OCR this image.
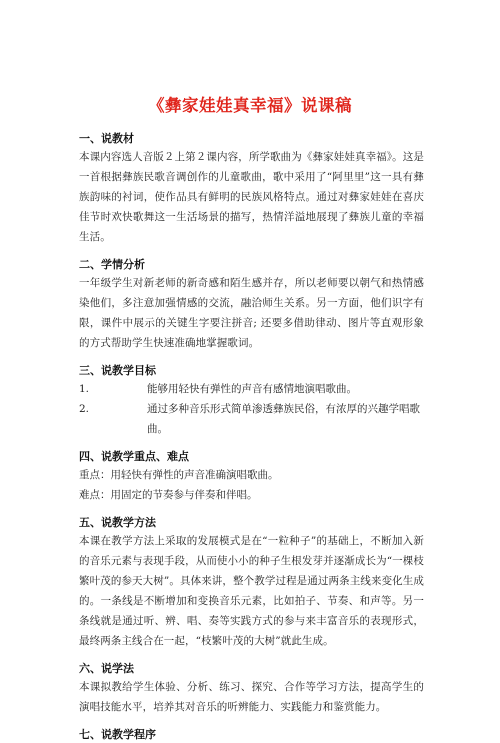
《彝家娃娃真幸福》说课稿
一、说教材
本课内容选人音版２上第２课内容，所学歌曲为《彝家娃娃真幸福》。这是一首根据彝族民歌音调创作的儿童歌曲，歌中采用了“阿里里”这一具有彝族韵味的衬词，使作品具有鲜明的民族风格特点。通过对彝家娃娃在喜庆佳节时欢快歌舞这一生活场景的描写，热情洋溢地展现了彝族儿童的幸福生活。
二、学情分析
一年级学生对新老师的新奇感和陌生感并存，所以老师要以朝气和热情感染他们，多注意加强情感的交流，融洽师生关系。另一方面，他们识字有限，课件中展示的关键生字要注拼音; 还要多借助律动、图片等直观形象的方式帮助学生快速准确地掌握歌词。
三、说教学目标
1.	能够用轻快有弹性的声音有感情地演唱歌曲。
2.	通过多种音乐形式简单渗透彝族民俗，有浓厚的兴趣学唱歌曲。
四、说教学重点、难点
重点：用轻快有弹性的声音准确演唱歌曲。
难点：用固定的节奏参与伴奏和伴唱。
五、说教学方法
本课在教学方法上采取的发展模式是在“一粒种子”的基础上，不断加入新的音乐元素与表现手段，从而使小小的种子生根发芽并逐渐成长为“一棵枝繁叶茂的参天大树”。具体来讲，整个教学过程是通过两条主线来变化生成的。一条线是不断增加和变换音乐元素，比如拍子、节奏、和声等。另一条线就是通过听、辨、唱、奏等实践方式的参与来丰富音乐的表现形式，最终两条主线合在一起，“枝繁叶茂的大树”就此生成。
六、说学法
本课拟教给学生体验、分析、练习、探究、合作等学习方法，提高学生的演唱技能水平，培养其对音乐的听辨能力、实践能力和鉴赏能力。
七、说教学程序
